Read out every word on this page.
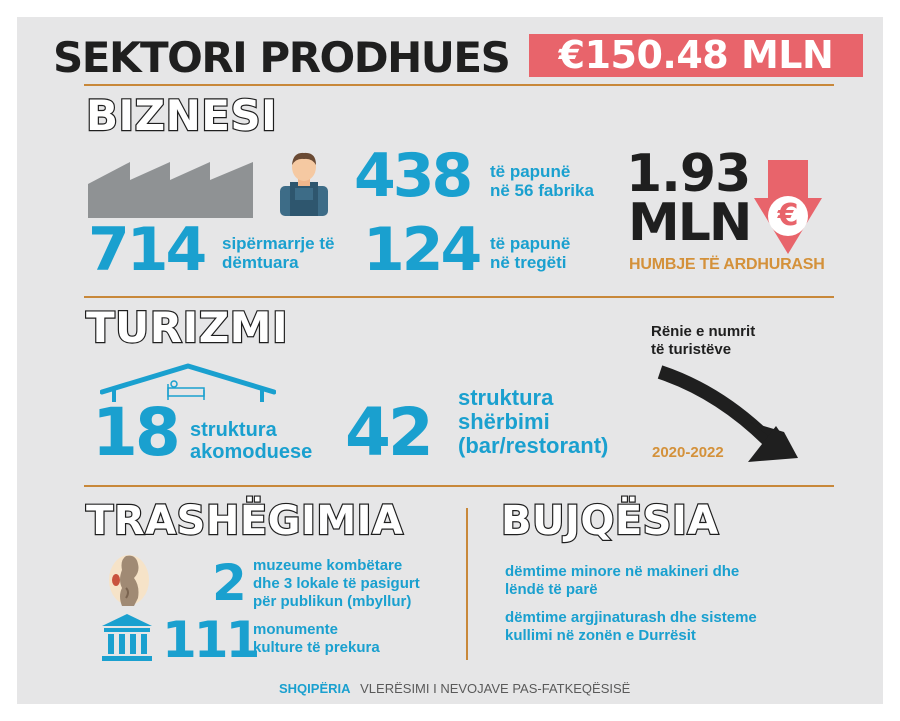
SEKTORI PRODHUES	€150.48 MLN
BIZNESI
438 të papunë
në 56 fabrika
714 sipërmarrje të
dëmtuara	124 të papunë
në tregëti
1.93
MLN €
HUMBJE TË ARDHURASH
TURIZMI
18 struktura
akomoduese 42 struktura
shërbimi
(bar/restorant)
Rënie e numrit
të turistëve
2020-2022
TRASHËGIMIA
2 muzeume kombëtare
dhe 3 lokale të pasigurt
për publikun (mbyllur)
111
monumente
kulture të prekura
BUJQËSIA
dëmtime minore në makineri dhe
lëndë të parë
dëmtime argjinaturash dhe sisteme
kullimi në zonën e Durrësit
SHQIPËRIA VLERËSIMI I NEVOJAVE PAS-FATKEQËSISË
